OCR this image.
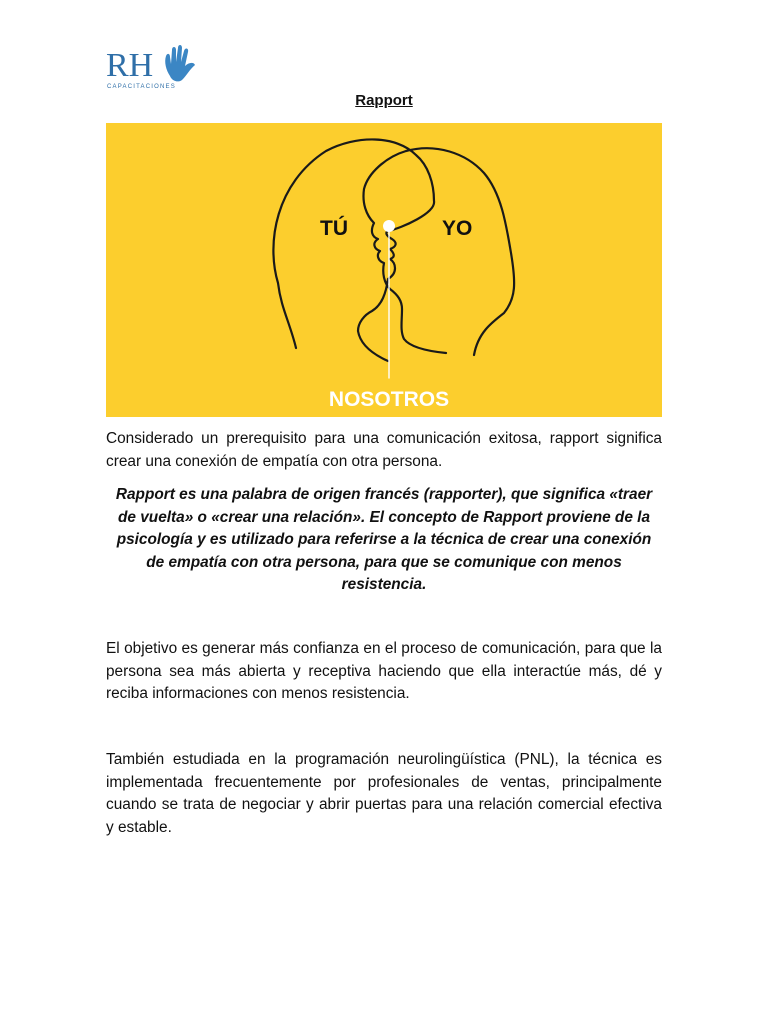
RH
CAPACITACIONES
Rapport
TÚ	YO
NOSOTROS
Considerado un prerequisito para una comunicación exitosa, rapport significa crear una conexión de empatía con otra persona.
Rapport es una palabra de origen francés (rapporter), que significa «traer de vuelta» o «crear una relación». El concepto de Rapport proviene de la psicología y es utilizado para referirse a la técnica de crear una conexión de empatía con otra persona, para que se comunique con menos resistencia.
El objetivo es generar más confianza en el proceso de comunicación, para que la persona sea más abierta y receptiva haciendo que ella interactúe más, dé y reciba informaciones con menos resistencia.
También estudiada en la programación neurolingüística (PNL), la técnica es implementada frecuentemente por profesionales de ventas, principalmente cuando se trata de negociar y abrir puertas para una relación comercial efectiva y estable.
